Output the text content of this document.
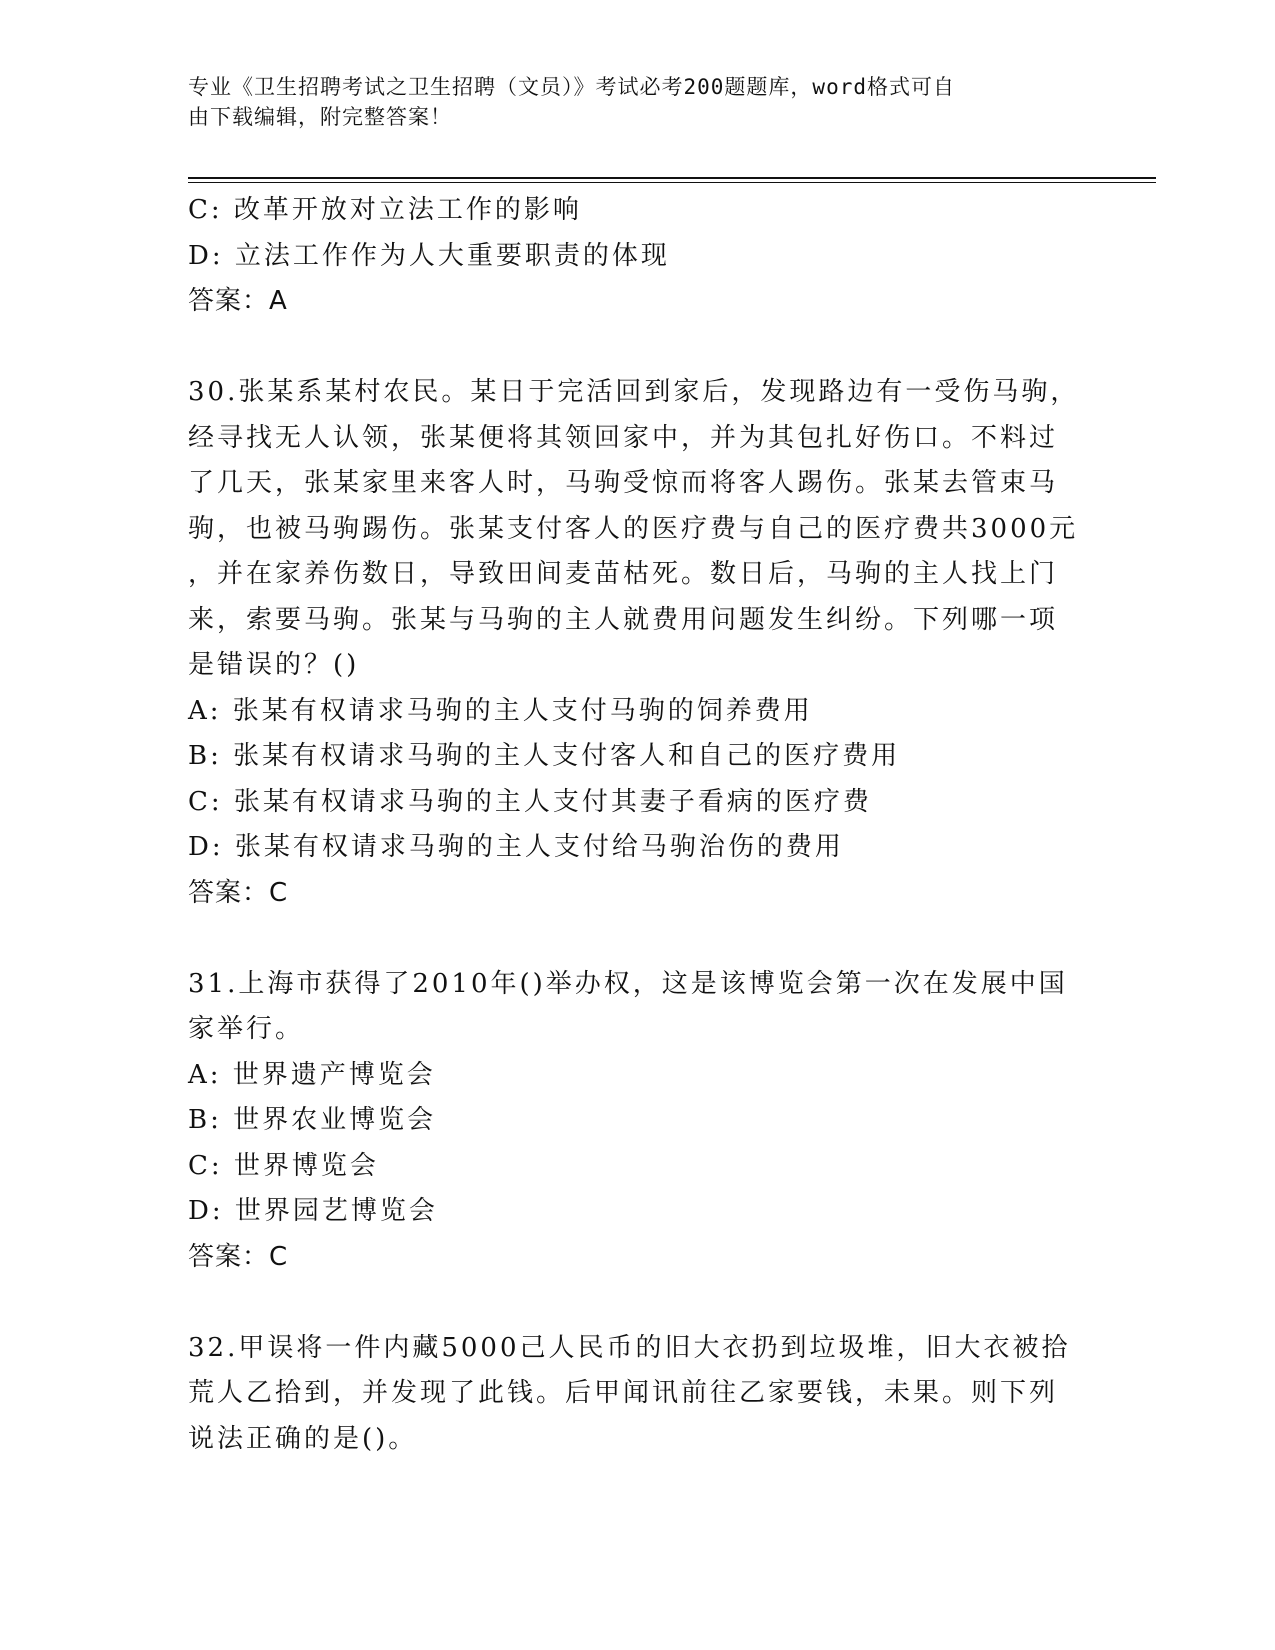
专业《卫生招聘考试之卫生招聘（文员）》考试必考200题题库，word格式可自
由下载编辑，附完整答案！
C: 改革开放对立法工作的影响
D: 立法工作作为人大重要职责的体现
答案：A
30.张某系某村农民。某日于完活回到家后，发现路边有一受伤马驹，
经寻找无人认领，张某便将其领回家中，并为其包扎好伤口。不料过
了几天，张某家里来客人时，马驹受惊而将客人踢伤。张某去管束马
驹，也被马驹踢伤。张某支付客人的医疗费与自己的医疗费共3000元
，并在家养伤数日，导致田间麦苗枯死。数日后，马驹的主人找上门
来，索要马驹。张某与马驹的主人就费用问题发生纠纷。下列哪一项
是错误的？()
A: 张某有权请求马驹的主人支付马驹的饲养费用
B: 张某有权请求马驹的主人支付客人和自己的医疗费用
C: 张某有权请求马驹的主人支付其妻子看病的医疗费
D: 张某有权请求马驹的主人支付给马驹治伤的费用
答案：C
31.上海市获得了2010年()举办权，这是该博览会第一次在发展中国
家举行。
A: 世界遗产博览会
B: 世界农业博览会
C: 世界博览会
D: 世界园艺博览会
答案：C
32.甲误将一件内藏5000己人民币的旧大衣扔到垃圾堆，旧大衣被拾
荒人乙拾到，并发现了此钱。后甲闻讯前往乙家要钱，未果。则下列
说法正确的是()。
